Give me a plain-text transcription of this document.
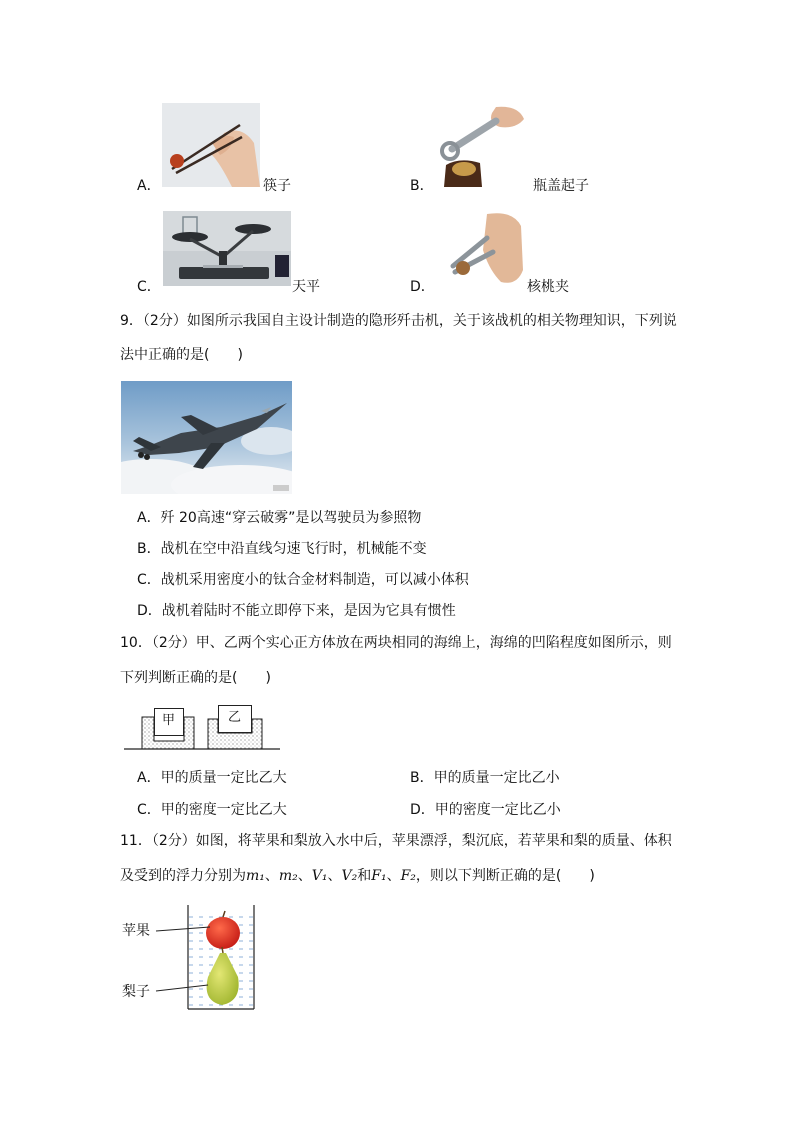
A．	筷子	B．	瓶盖起子
C．	天平	D．	核桃夹
9．（2分）如图所示我国自主设计制造的隐形歼击机，关于该战机的相关物理知识，下列说
法中正确的是(　　)
A．歼 20高速“穿云破雾”是以驾驶员为参照物
B．战机在空中沿直线匀速飞行时，机械能不变
C．战机采用密度小的钛合金材料制造，可以减小体积
D．战机着陆时不能立即停下来，是因为它具有惯性
10．（2分）甲、乙两个实心正方体放在两块相同的海绵上，海绵的凹陷程度如图所示，则
下列判断正确的是(　　)
甲	乙
A．甲的质量一定比乙大	B．甲的质量一定比乙小
C．甲的密度一定比乙大	D．甲的密度一定比乙小
11．（2分）如图，将苹果和梨放入水中后，苹果漂浮，梨沉底，若苹果和梨的质量、体积
及受到的浮力分别为m₁、m₂、V₁、V₂和F₁、F₂，则以下判断正确的是(　　)
苹果
梨子
